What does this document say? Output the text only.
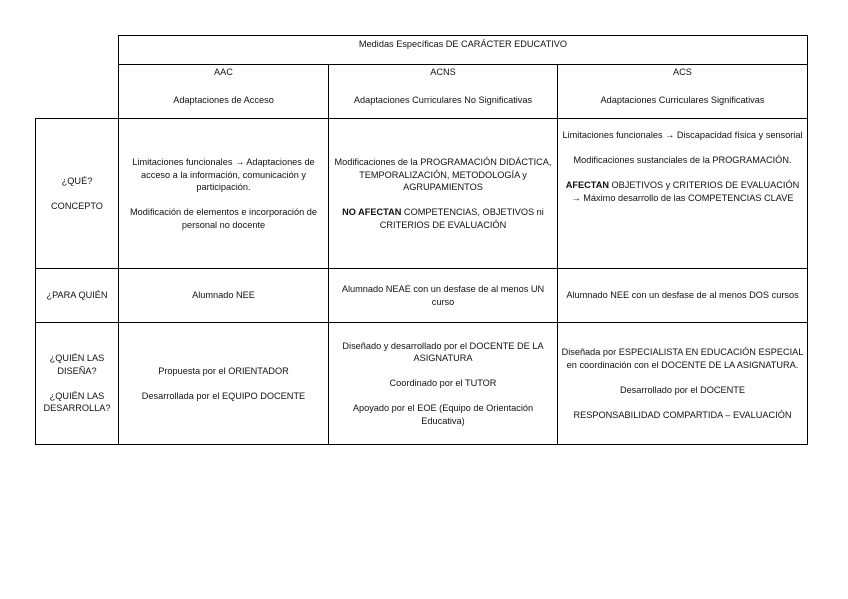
Medidas Específicas DE CARÁCTER EDUCATIVO

AAC

Adaptaciones de Acceso

ACNS

Adaptaciones Curriculares No Significativas

ACS

Adaptaciones Curriculares Significativas

¿QUÉ?

CONCEPTO

Limitaciones funcionales → Adaptaciones de acceso a la información, comunicación y participación.

Modificación de elementos e incorporación de personal no docente

Modificaciones de la PROGRAMACIÓN DIDÁCTICA, TEMPORALIZACIÓN, METODOLOGÍA y AGRUPAMIENTOS

NO AFECTAN COMPETENCIAS, OBJETIVOS ni CRITERIOS DE EVALUACIÓN

Limitaciones funcionales → Discapacidad física y sensorial

Modificaciones sustanciales de la PROGRAMACIÓN.

AFECTAN OBJETIVOS y CRITERIOS DE EVALUACIÓN → Máximo desarrollo de las COMPETENCIAS CLAVE

¿PARA QUIÉN	Alumnado NEE

Alumnado NEAE con un desfase de al menos UN curso

Alumnado NEE con un desfase de al menos DOS cursos

¿QUIÉN LAS DISEÑA?

¿QUIÉN LAS DESARROLLA?

Propuesta por el ORIENTADOR

Desarrollada por el EQUIPO DOCENTE

Diseñado y desarrollado por el DOCENTE DE LA ASIGNATURA

Coordinado por el TUTOR

Apoyado por el EOE (Equipo de Orientación Educativa)

Diseñada por ESPECIALISTA EN EDUCACIÓN ESPECIAL en coordinación con el DOCENTE DE LA ASIGNATURA.

Desarrollado por el DOCENTE

RESPONSABILIDAD COMPARTIDA – EVALUACIÓN
